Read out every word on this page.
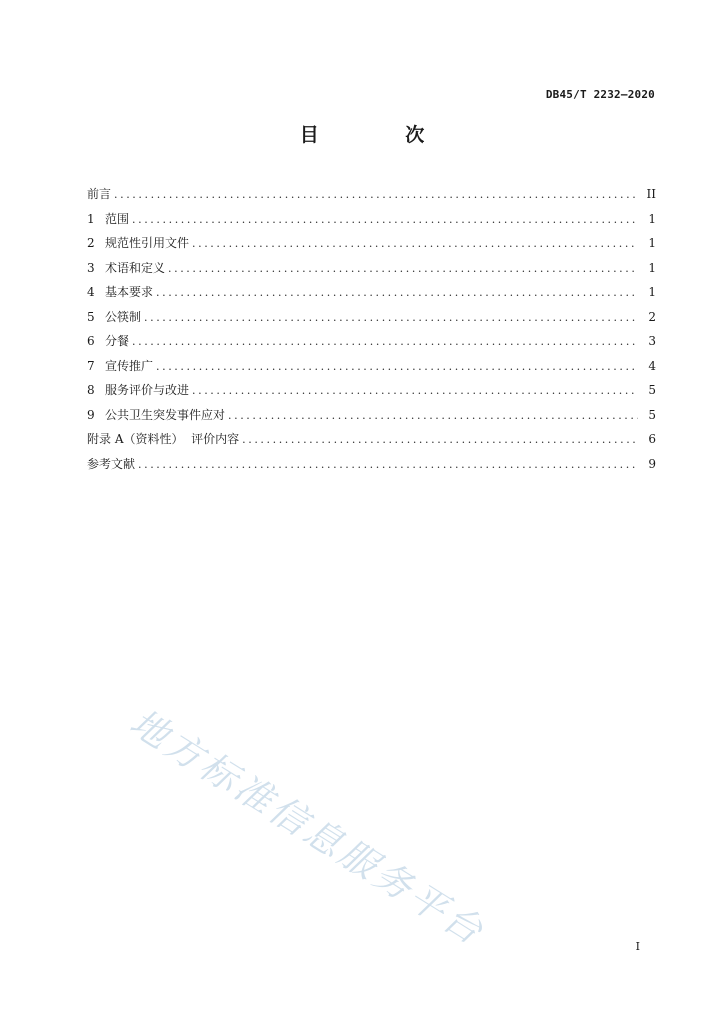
DB45/T 2232—2020
目 次
前言 .....	II
1 范围 .....	1
2 规范性引用文件 .....	1
3 术语和定义 .....	1
4 基本要求 .....	1
5 公筷制 .....	2
6 分餐 .....	3
7 宣传推广 .....	4
8 服务评价与改进 .....	5
9 公共卫生突发事件应对 .....	5
附录 A（资料性）  评价内容 .....	6
参考文献 .....	9
地方标准信息服务平台	I
